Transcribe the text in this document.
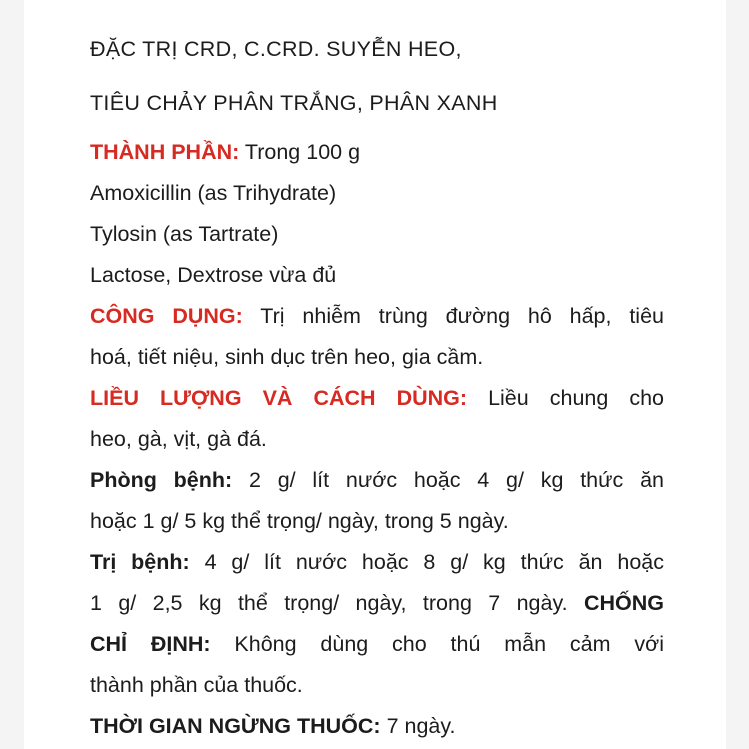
ĐẶC TRỊ CRD, C.CRD. SUYỄN HEO,
TIÊU CHẢY PHÂN TRẮNG, PHÂN XANH
THÀNH PHẦN: Trong 100 g
Amoxicillin (as Trihydrate)
Tylosin (as Tartrate)
Lactose, Dextrose vừa đủ
CÔNG DỤNG: Trị nhiễm trùng đường hô hấp, tiêu
hoá, tiết niệu, sinh dục trên heo, gia cầm.
LIỀU LƯỢNG VÀ CÁCH DÙNG: Liều chung cho
heo, gà, vịt, gà đá.
Phòng bệnh: 2 g/ lít nước hoặc 4 g/ kg thức ăn
hoặc 1 g/ 5 kg thể trọng/ ngày, trong 5 ngày.
Trị bệnh: 4 g/ lít nước hoặc 8 g/ kg thức ăn hoặc
1 g/ 2,5 kg thể trọng/ ngày, trong 7 ngày. CHỐNG
CHỈ ĐỊNH: Không dùng cho thú mẫn cảm với
thành phần của thuốc.
THỜI GIAN NGỪNG THUỐC: 7 ngày.
